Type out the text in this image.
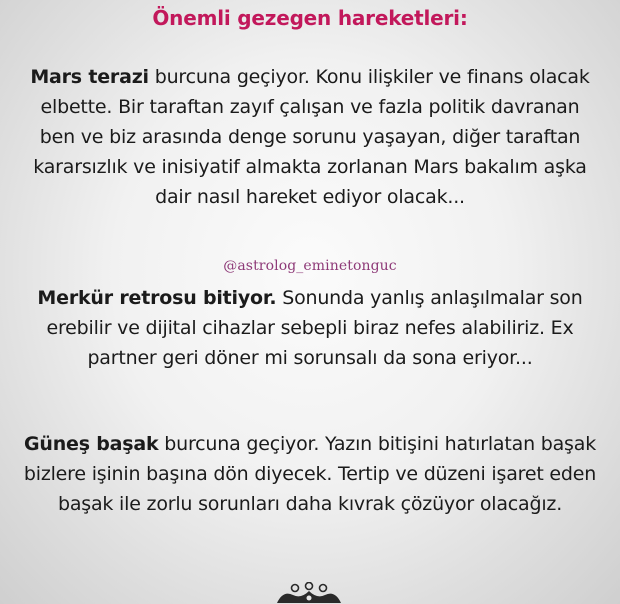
Önemli gezegen hareketleri:
Mars terazi burcuna geçiyor. Konu ilişkiler ve finans olacak elbette. Bir taraftan zayıf çalışan ve fazla politik davranan ben ve biz arasında denge sorunu yaşayan, diğer taraftan kararsızlık ve inisiyatif almakta zorlanan Mars bakalım aşka dair nasıl hareket ediyor olacak...
@astrolog_eminetonguc
Merkür retrosu bitiyor. Sonunda yanlış anlaşılmalar son erebilir ve dijital cihazlar sebepli biraz nefes alabiliriz. Ex partner geri döner mi sorunsalı da sona eriyor...
Güneş başak burcuna geçiyor. Yazın bitişini hatırlatan başak bizlere işinin başına dön diyecek. Tertip ve düzeni işaret eden başak ile zorlu sorunları daha kıvrak çözüyor olacağız.
